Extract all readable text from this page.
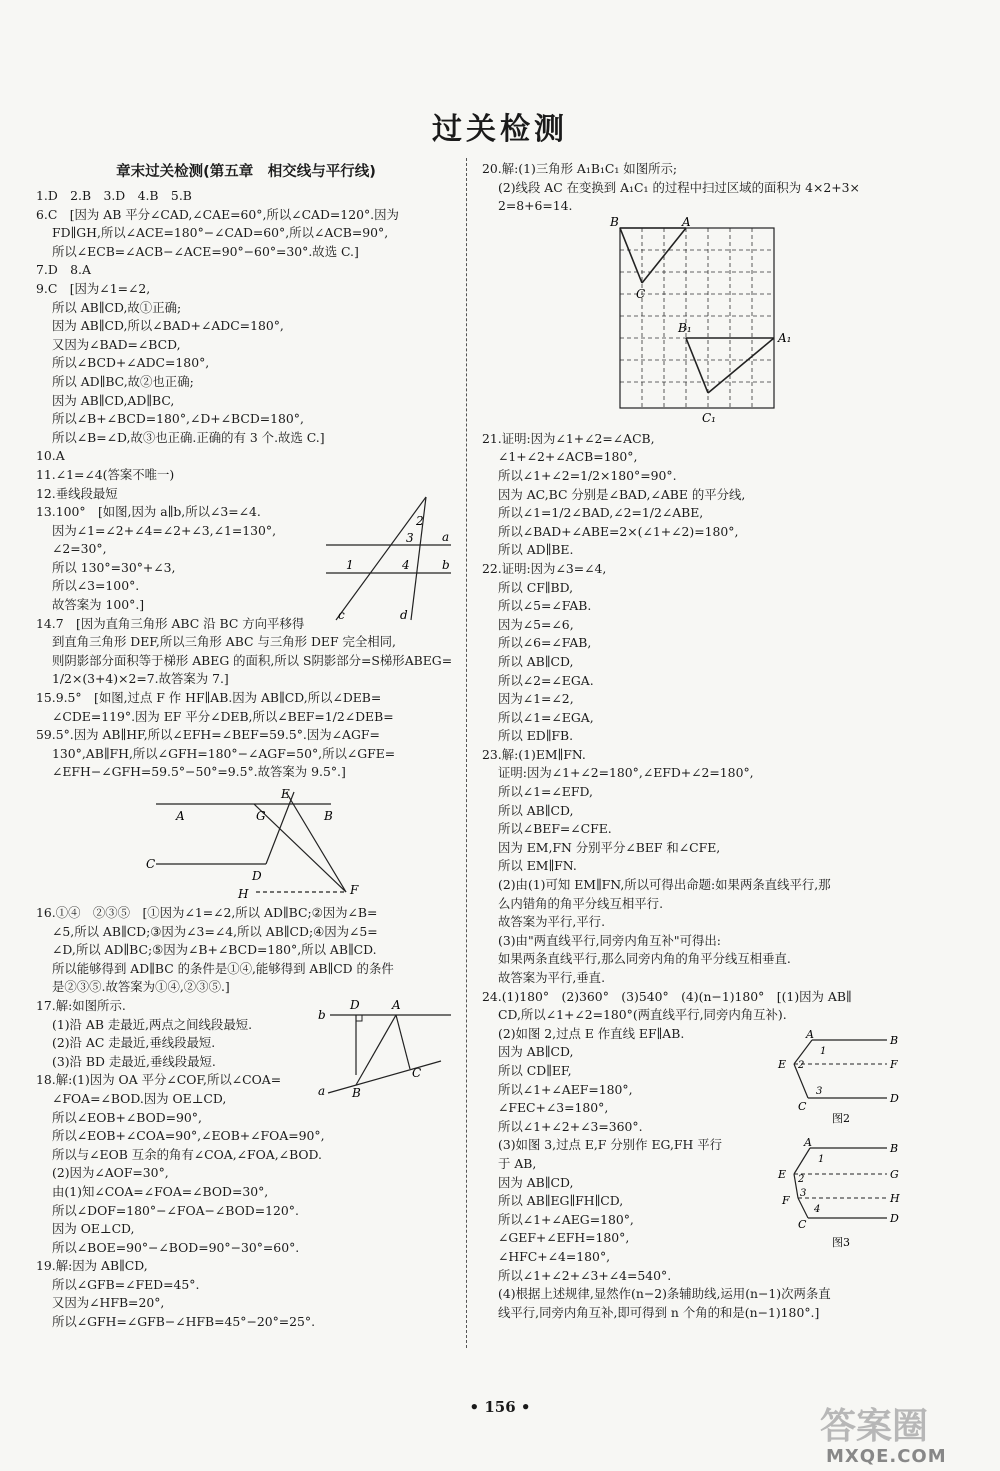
过关检测
章末过关检测(第五章　相交线与平行线)
1.D　2.B　3.D　4.B　5.B
6.C　[因为 AB 平分∠CAD,∠CAE=60°,所以∠CAD=120°.因为
FD∥GH,所以∠ACE=180°−∠CAD=60°,所以∠ACB=90°,
所以∠ECB=∠ACB−∠ACE=90°−60°=30°.故选 C.]
7.D　8.A
9.C　[因为∠1=∠2,
所以 AB∥CD,故①正确;
因为 AB∥CD,所以∠BAD+∠ADC=180°,
又因为∠BAD=∠BCD,
所以∠BCD+∠ADC=180°,
所以 AD∥BC,故②也正确;
因为 AB∥CD,AD∥BC,
所以∠B+∠BCD=180°,∠D+∠BCD=180°,
所以∠B=∠D,故③也正确.正确的有 3 个.故选 C.]
10.A
11.∠1=∠4(答案不唯一)
12.垂线段最短
13.100°　[如图,因为 a∥b,所以∠3=∠4.
因为∠1=∠2+∠4=∠2+∠3,∠1=130°,
∠2=30°,
所以 130°=30°+∠3,
所以∠3=100°.
故答案为 100°.]
2
3 a
1	4	b
c	d
14.7　[因为直角三角形 ABC 沿 BC 方向平移得
到直角三角形 DEF,所以三角形 ABC 与三角形 DEF 完全相同,
则阴影部分面积等于梯形 ABEG 的面积,所以 S阴影部分=S梯形ABEG=
1/2×(3+4)×2=7.故答案为 7.]
15.9.5°　[如图,过点 F 作 HF∥AB.因为 AB∥CD,所以∠DEB=
∠CDE=119°.因为 EF 平分∠DEB,所以∠BEF=1/2∠DEB=
59.5°.因为 AB∥HF,所以∠EFH=∠BEF=59.5°.因为∠AGF=
130°,AB∥FH,所以∠GFH=180°−∠AGF=50°,所以∠GFE=
∠EFH−∠GFH=59.5°−50°=9.5°.故答案为 9.5°.]
E
A	G	B
C
D
H	F
16.①④　②③⑤　[①因为∠1=∠2,所以 AD∥BC;②因为∠B=
∠5,所以 AB∥CD;③因为∠3=∠4,所以 AB∥CD;④因为∠5=
∠D,所以 AD∥BC;⑤因为∠B+∠BCD=180°,所以 AB∥CD.
所以能够得到 AD∥BC 的条件是①④,能够得到 AB∥CD 的条件
是②③⑤.故答案为①④,②③⑤.]
17.解:如图所示.
(1)沿 AB 走最近,两点之间线段最短.
(2)沿 AC 走最近,垂线段最短.
(3)沿 BD 走最近,垂线段最短.
b
D	A
a B
C
18.解:(1)因为 OA 平分∠COF,所以∠COA=
∠FOA=∠BOD.因为 OE⊥CD,
所以∠EOB+∠BOD=90°,
所以∠EOB+∠COA=90°,∠EOB+∠FOA=90°,
所以与∠EOB 互余的角有∠COA,∠FOA,∠BOD.
(2)因为∠AOF=30°,
由(1)知∠COA=∠FOA=∠BOD=30°,
所以∠DOF=180°−∠FOA−∠BOD=120°.
因为 OE⊥CD,
所以∠BOE=90°−∠BOD=90°−30°=60°.
19.解:因为 AB∥CD,
所以∠GFB=∠FED=45°.
又因为∠HFB=20°,
所以∠GFH=∠GFB−∠HFB=45°−20°=25°.
20.解:(1)三角形 A₁B₁C₁ 如图所示;
(2)线段 AC 在变换到 A₁C₁ 的过程中扫过区域的面积为 4×2+3×
2=8+6=14.
B	A
C
B₁
A₁
C₁
21.证明:因为∠1+∠2=∠ACB,
∠1+∠2+∠ACB=180°,
所以∠1+∠2=1/2×180°=90°.
因为 AC,BC 分别是∠BAD,∠ABE 的平分线,
所以∠1=1/2∠BAD,∠2=1/2∠ABE,
所以∠BAD+∠ABE=2×(∠1+∠2)=180°,
所以 AD∥BE.
22.证明:因为∠3=∠4,
所以 CF∥BD,
所以∠5=∠FAB.
因为∠5=∠6,
所以∠6=∠FAB,
所以 AB∥CD,
所以∠2=∠EGA.
因为∠1=∠2,
所以∠1=∠EGA,
所以 ED∥FB.
23.解:(1)EM∥FN.
证明:因为∠1+∠2=180°,∠EFD+∠2=180°,
所以∠1=∠EFD,
所以 AB∥CD,
所以∠BEF=∠CFE.
因为 EM,FN 分别平分∠BEF 和∠CFE,
所以 EM∥FN.
(2)由(1)可知 EM∥FN,所以可得出命题:如果两条直线平行,那
么内错角的角平分线互相平行.
故答案为平行,平行.
(3)由"两直线平行,同旁内角互补"可得出:
如果两条直线平行,那么同旁内角的角平分线互相垂直.
故答案为平行,垂直.
24.(1)180°　(2)360°　(3)540°　(4)(n−1)180°　[(1)因为 AB∥
CD,所以∠1+∠2=180°(两直线平行,同旁内角互补).
(2)如图 2,过点 E 作直线 EF∥AB.
因为 AB∥CD,
所以 CD∥EF,
所以∠1+∠AEF=180°,
∠FEC+∠3=180°,
所以∠1+∠2+∠3=360°.
(3)如图 3,过点 E,F 分别作 EG,FH 平行
于 AB,
因为 AB∥CD,
所以 AB∥EG∥FH∥CD,
所以∠1+∠AEG=180°,
∠GEF+∠EFH=180°,
∠HFC+∠4=180°,
所以∠1+∠2+∠3+∠4=540°.
(4)根据上述规律,显然作(n−2)条辅助线,运用(n−1)次两条直
线平行,同旁内角互补,即可得到 n 个角的和是(n−1)180°.]
A	B
1
E 2	F
C
3
D
图2
A	B
1
E 2	G
3
F	H
4
C	D
图3
• 156 •	答案圈
MXQE.COM
